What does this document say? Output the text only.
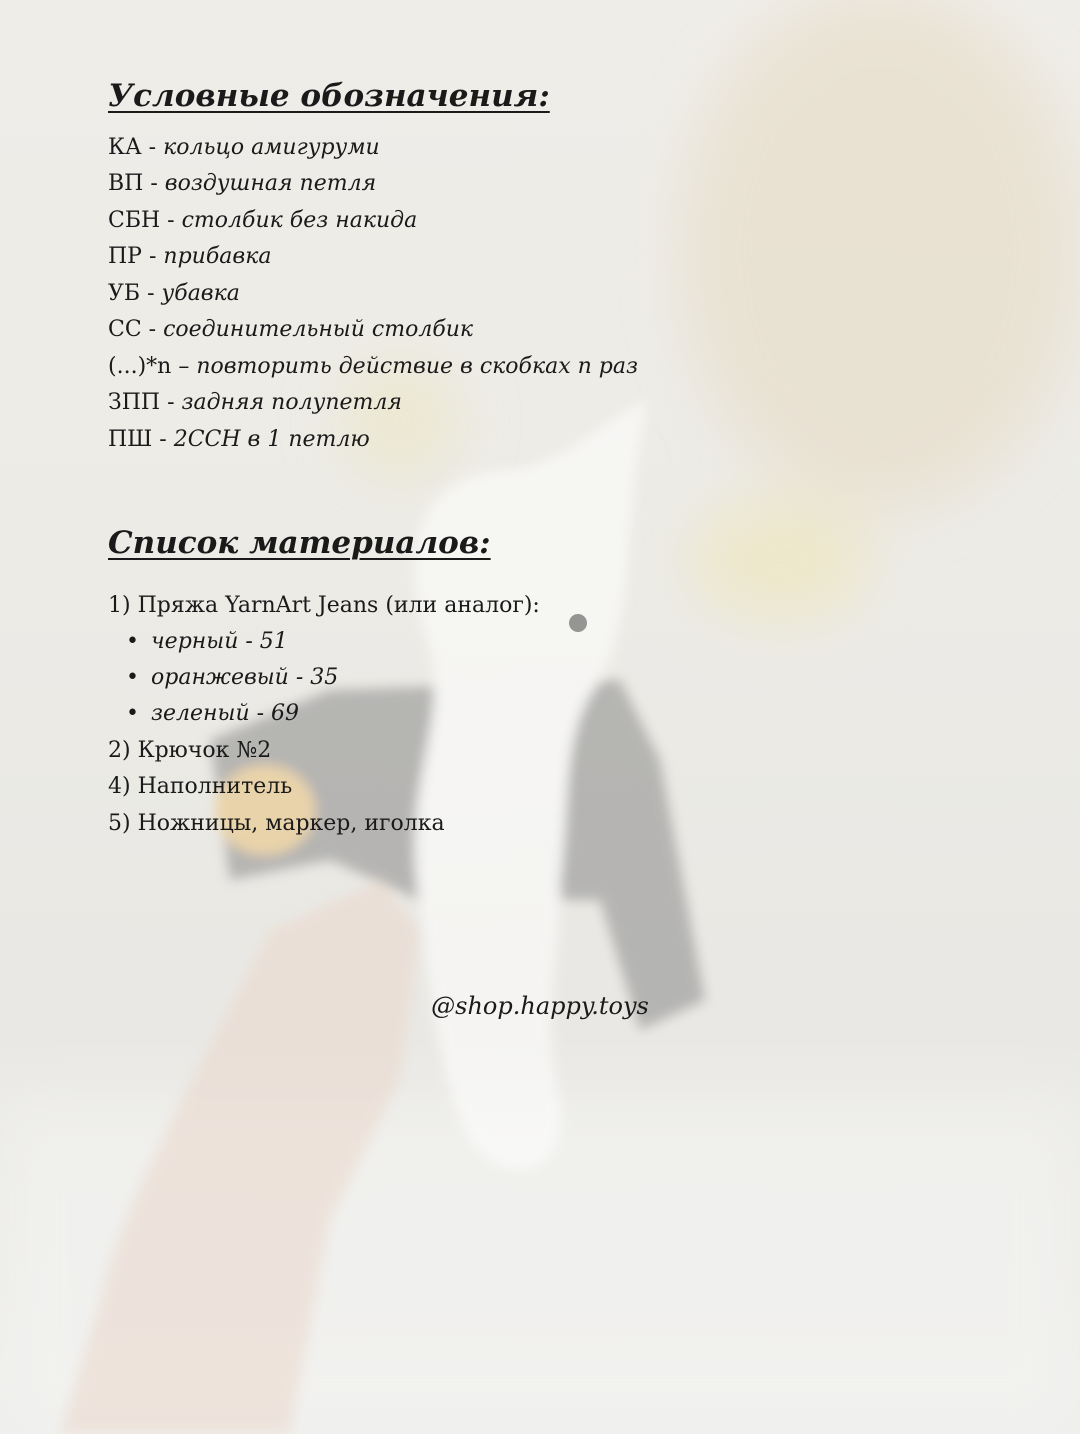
Условные обозначения:
КА - кольцо амигуруми
ВП - воздушная петля
СБН - столбик без накида
ПР - прибавка
УБ - убавка
СС - соединительный столбик
(...)*n – повторить действие в скобках n раз
ЗПП - задняя полупетля
ПШ - 2ССН в 1 петлю
Список материалов:
1) Пряжа YarnArt Jeans (или аналог):
• черный - 51
• оранжевый - 35
• зеленый - 69
2) Крючок №2
4) Наполнитель
5) Ножницы, маркер, иголка
@shop.happy.toys
